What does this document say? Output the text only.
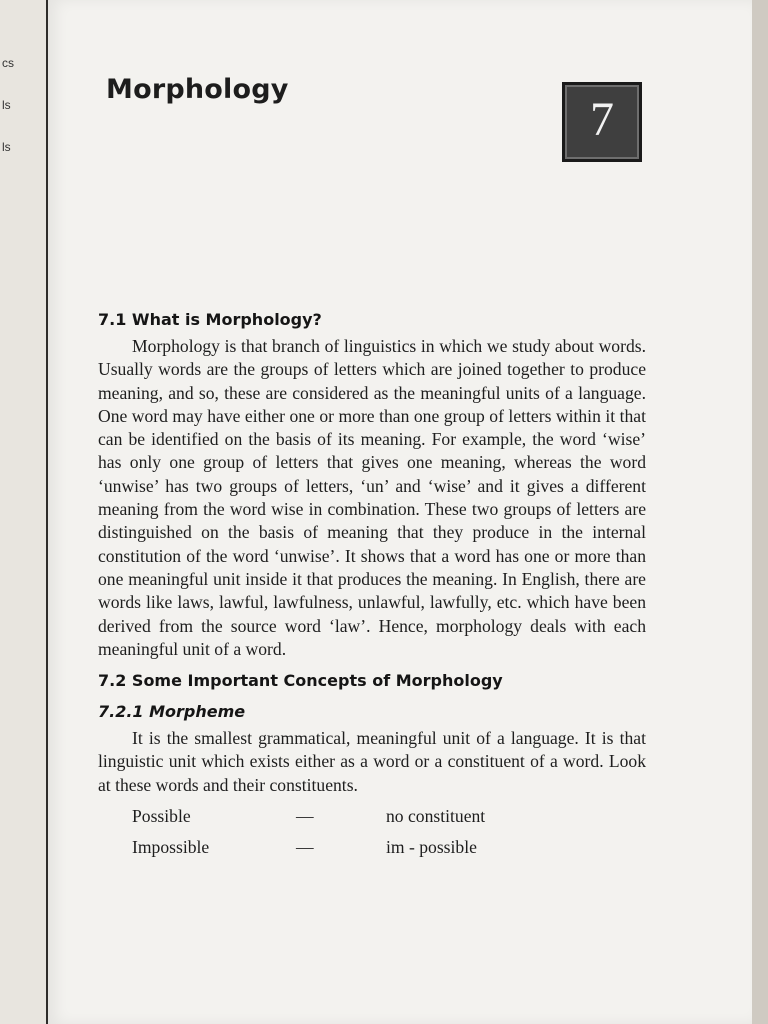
cs
ls
ls
Morphology
7
7.1 What is Morphology?

Morphology is that branch of linguistics in which we study about words. Usually words are the groups of letters which are joined together to produce meaning, and so, these are considered as the meaningful units of a language. One word may have either one or more than one group of letters within it that can be identified on the basis of its meaning. For example, the word ‘wise’ has only one group of letters that gives one meaning, whereas the word ‘unwise’ has two groups of letters, ‘un’ and ‘wise’ and it gives a different meaning from the word wise in combination. These two groups of letters are distinguished on the basis of meaning that they produce in the internal constitution of the word ‘unwise’. It shows that a word has one or more than one meaningful unit inside it that produces the meaning. In English, there are words like laws, lawful, lawfulness, unlawful, lawfully, etc. which have been derived from the source word ‘law’. Hence, morphology deals with each meaningful unit of a word.

7.2 Some Important Concepts of Morphology
7.2.1 Morpheme

It is the smallest grammatical, meaningful unit of a language. It is that linguistic unit which exists either as a word or a constituent of a word. Look at these words and their constituents.

Possible	—	no constituent
Impossible	—	im - possible
